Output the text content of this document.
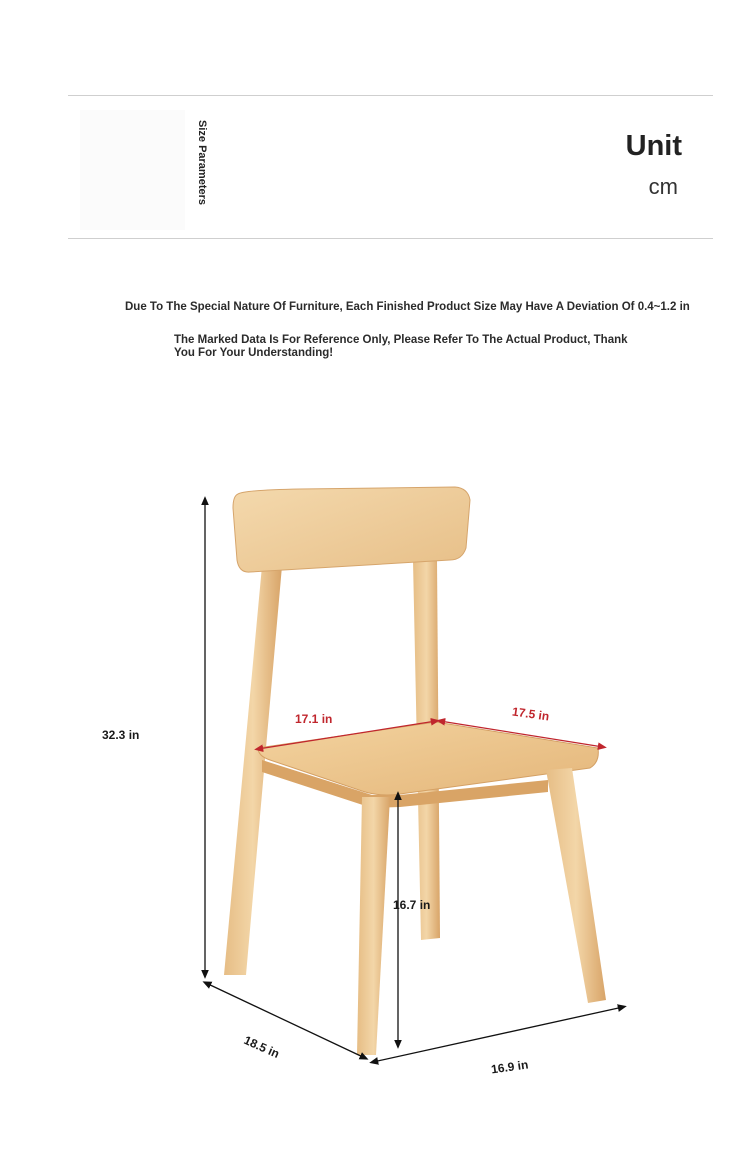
Size Parameters	Unit
cm
Due To The Special Nature Of Furniture, Each Finished Product Size May Have A Deviation Of 0.4~1.2 in
The Marked Data Is For Reference Only, Please Refer To The Actual Product, Thank You For Your Understanding!
32.3 in
17.1 in	17.5 in
16.7 in
18.5 in
16.9 in
